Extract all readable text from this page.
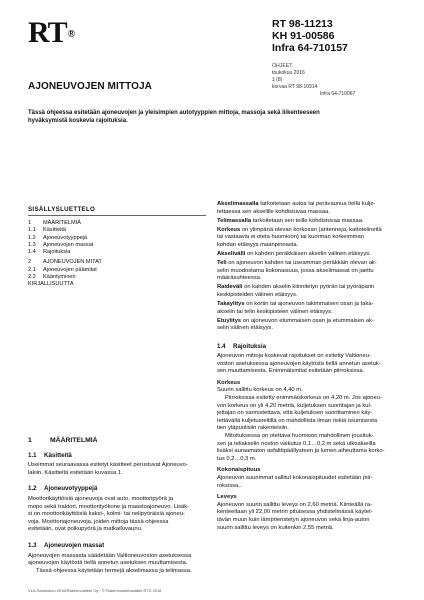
RT®
RT 98-11213
KH 91-00586
Infra 64-710157
OHJEET
toukokuu 2016
1 (8)
korvaa RT 98-10914
Infra 64-710067
AJONEUVOJEN MITTOJA
Tässä ohjeessa esitetään ajoneuvojen ja yleisimpien autotyyppien mittoja, massoja sekä liikenteeseen hyväksymistä koskevia rajoituksia.
SISÄLLYSLUETTELO
1	MÄÄRITELMIÄ
1.1	Käsitteitä
1.2	Ajoneuvotyyppejä
1.3	Ajoneuvojen massat
1.4	Rajoituksia
2	AJONEUVOJEN MITAT
2.1	Ajoneuvojen päämitat
2.2	Kääntyminen
KIRJALLISUUTTA
1	MÄÄRITELMIÄ
1.1	Käsitteitä
Useimmat seuraavassa esitetyt käsitteet perustuvat Ajoneuvo-
lakiin. Käsitteitä esitetään kuvassa 1.
1.2	Ajoneuvotyyppejä
Moottorikäyttöisiä ajoneuvoja ovat auto, moottoripyörä ja
mopo sekä traktori, moottorityökone ja maastoajoneuvo. Lisäk-
si on moottorikäyttöisiä kaksi-, kolmi- tai nelipyöräisiä ajoneu-
voja. Moottoriajoneuvoja, joiden mittoja tässä ohjeessa
esitetään, ovat polkupyörä ja matkailuvaunu.
1.3	Ajoneuvojen massat
Ajoneuvojen massasta säädetään Valtioneuvoston asetuksessa
ajoneuvojen käytöstä tiellä annetun asetuksen muuttamisesta.
Tässä ohjeessa käytetään termejä akselimassa ja telimassa.
Akselimassalla tarkoitetaan autoa tai perävaunua tiellä kulje-
tettaessa sen akselille kohdistuvaa massaa.
Telimassalla tarkoitetaan sen teille kohdistuvaa massaa.
Korkeus on ylimpänä olevan korkosan (antenneja, kattotelineitä
tai vastaavia ei oteta huomioon) tai kuorman korkeimman
kohdan etäisyys maanpinnasta.
Akselivälli on kahden peräkkäisen akselin välinen etäisyys.
Teli on ajoneuvon kahden tai useamman peräkkäin olevan ak-
selin muodostama kokonaisuus, jossa akselimassat on jaettu
määräsuhteessa.
Raideväli on kahden akselin kiinnitetyn pyörän tai pyöräparin
keskipisteiden välinen etäisyys.
Takaylitys on kortin tai ajoneuvon takimmaisen osan ja taka-
akselin tai telin keskipisteen välinen etäisyys.
Etuylitys on ajoneuvon etummaisen osan ja etummaisen ak-
selin välinen etäisyys.
1.4	Rajoituksia
Ajoneuvon mittoja koskevat rajoitukset on esitetty Valtioneu-
voston asetuksessa ajoneuvojen käytöstä tiellä annetun asetuk-
sen muuttamisesta. Enimmäismitat esitetään piirroksissa.
Korkeus
Suurin sallittu korkeus on 4,40 m.
Piirroksissa esitetty enimmäiskorkeus on 4,20 m. Jos ajoneu-
von korkeus on yli 4,20 metriä, kuljetuksen suorittajan ja kul-
jettajan on varmistettava, että kuljetuksen suorittaminen käy-
tettävällä kuljetusreitillä on mahdollista ilman riskiä osumisesta
tien yläpuolisiin rakenteisiin.
Mitoituksessa on otettava huomioon mahdollinen jousituk-
sen ja teliakselin noston vaikutus 0,1…0,2 m sekä ulkoalueilla
lisäksi auraamaton asfalttipäällysteen ja lumen aiheuttama korko-
tus 0,2…0,3 m.
Kokonaispituus
Ajoneuvon suurimmat sallitut kokonaispituudet esitetään piir-
roksissa..
Leveys
Ajoneuvon suurin sallittu leveys on 2,60 metriä. Kiinteällä ra-
kenteeltaan yli 22,00 metrin pituisessa yhdistelmässä käytet-
tävän muun kuin lämpöeristetyn ajoneuvon sekä linja-auton
suurin sallittu leveys on kuitenkin 2,55 metriä.
VLA Hautuskuu 2016/Rakennustieto Oy · © Rakennustietosäätiö RTS 2016
